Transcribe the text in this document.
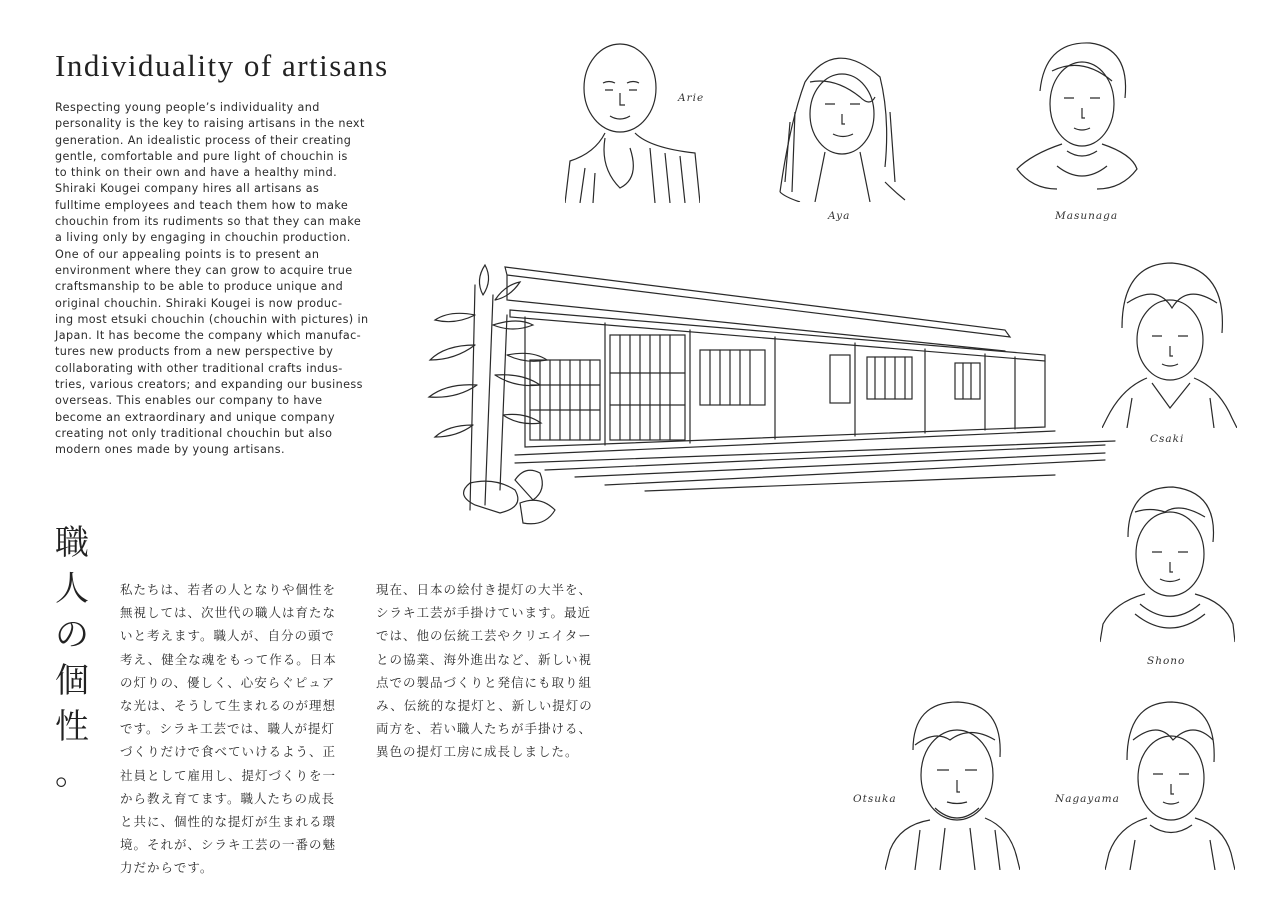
Individuality of artisans
Respecting young people’s individuality and
personality is the key to raising artisans in the next
generation. An idealistic process of their creating
gentle, comfortable and pure light of chouchin is
to think on their own and have a healthy mind.
Shiraki Kougei company hires all artisans as
fulltime employees and teach them how to make
chouchin from its rudiments so that they can make
a living only by engaging in chouchin production.
One of our appealing points is to present an
environment where they can grow to acquire true
craftsmanship to be able to produce unique and
original chouchin. Shiraki Kougei is now produc-
ing most etsuki chouchin (chouchin with pictures) in
Japan. It has become the company which manufac-
tures new products from a new perspective by
collaborating with other traditional crafts indus-
tries, various creators; and expanding our business
overseas. This enables our company to have
become an extraordinary and unique company
creating not only traditional chouchin but also
modern ones made by young artisans.
職
人
の
個
性
。
私たちは、若者の人となりや個性を
無視しては、次世代の職人は育たな
いと考えます。職人が、自分の頭で
考え、健全な魂をもって作る。日本
の灯りの、優しく、心安らぐピュア
な光は、そうして生まれるのが理想
です。シラキ工芸では、職人が提灯
づくりだけで食べていけるよう、正
社員として雇用し、提灯づくりを一
から教え育てます。職人たちの成長
と共に、個性的な提灯が生まれる環
境。それが、シラキ工芸の一番の魅
力だからです。
現在、日本の絵付き提灯の大半を、
シラキ工芸が手掛けています。最近
では、他の伝統工芸やクリエイター
との協業、海外進出など、新しい視
点での製品づくりと発信にも取り組
み、伝統的な提灯と、新しい提灯の
両方を、若い職人たちが手掛ける、
異色の提灯工房に成長しました。
Arie
Aya	Masunaga
Csaki
Shono
Otsuka	Nagayama
